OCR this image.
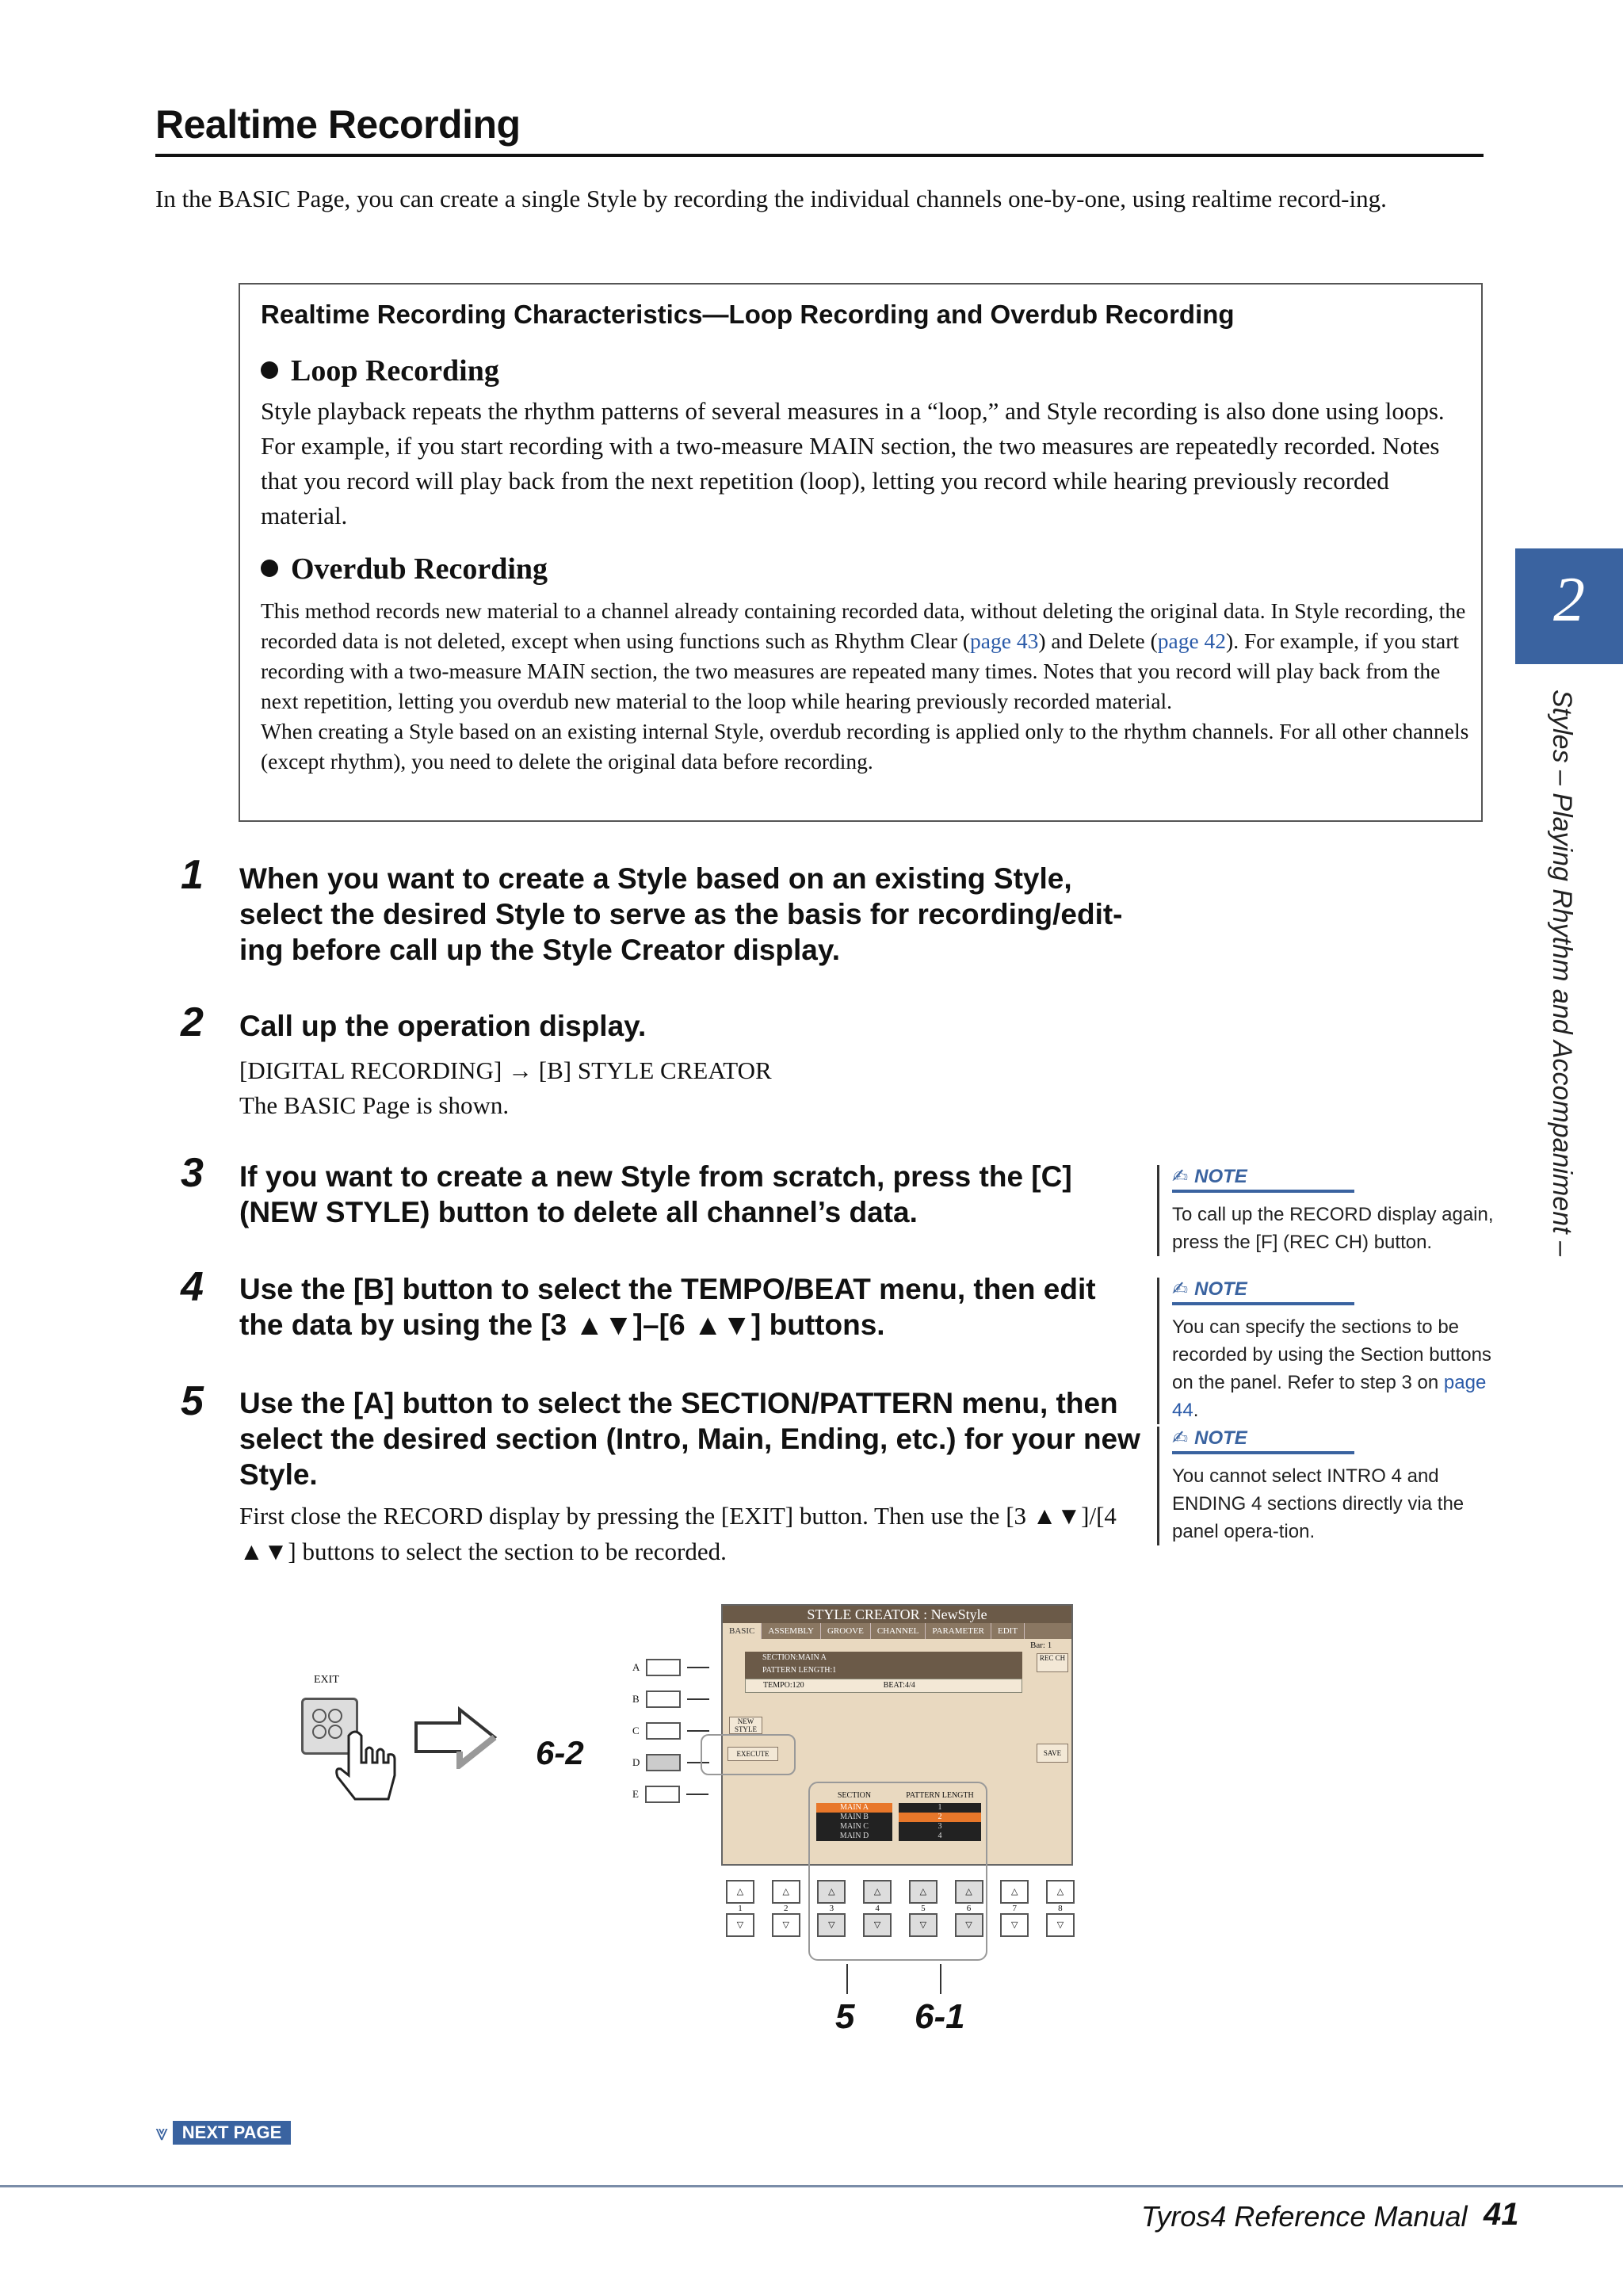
Realtime Recording
In the BASIC Page, you can create a single Style by recording the individual channels one-by-one, using realtime record-ing.
Realtime Recording Characteristics—Loop Recording and Overdub Recording
Loop Recording
Style playback repeats the rhythm patterns of several measures in a “loop,” and Style recording is also done using loops. For example, if you start recording with a two-measure MAIN section, the two measures are repeatedly recorded. Notes that you record will play back from the next repetition (loop), letting you record while hearing previously recorded material.
Overdub Recording
This method records new material to a channel already containing recorded data, without deleting the original data. In Style recording, the recorded data is not deleted, except when using functions such as Rhythm Clear (page 43) and Delete (page 42). For example, if you start recording with a two-measure MAIN section, the two measures are repeated many times. Notes that you record will play back from the next repetition, letting you overdub new material to the loop while hearing previously recorded material.
When creating a Style based on an existing internal Style, overdub recording is applied only to the rhythm channels. For all other channels (except rhythm), you need to delete the original data before recording.
1 When you want to create a Style based on an existing Style, select the desired Style to serve as the basis for recording/edit-ing before call up the Style Creator display.
2 Call up the operation display.
[DIGITAL RECORDING] → [B] STYLE CREATOR
The BASIC Page is shown.
3 If you want to create a new Style from scratch, press the [C] (NEW STYLE) button to delete all channel’s data.
4 Use the [B] button to select the TEMPO/BEAT menu, then edit the data by using the [3 ▲▼]–[6 ▲▼] buttons.
5 Use the [A] button to select the SECTION/PATTERN menu, then select the desired section (Intro, Main, Ending, etc.) for your new Style.
First close the RECORD display by pressing the [EXIT] button. Then use the [3 ▲▼]/[4 ▲▼] buttons to select the section to be recorded.
✍ NOTE
To call up the RECORD display again, press the [F] (REC CH) button.
✍ NOTE
You can specify the sections to be recorded by using the Section buttons on the panel. Refer to step 3 on page 44.
✍ NOTE
You cannot select INTRO 4 and ENDING 4 sections directly via the panel opera-tion.
2
Styles – Playing Rhythm and Accompaniment –
EXIT
6-2
A
B
C
D
E
STYLE CREATOR : NewStyle
BASIC	ASSEMBLY	GROOVE	CHANNEL	PARAMETER	EDIT
Bar: 1
SECTION:MAIN A
PATTERN LENGTH:1
TEMPO:120	BEAT:4/4
NEW STYLE
EXECUTE
REC CH
SAVE
SECTION
MAIN A
MAIN B
MAIN C
MAIN D
PATTERN LENGTH
1
2
3
4
△
1
▽
△
2
▽
△
3
▽
△
4
▽
△
5
▽
△
6
▽
△
7
▽
△
8
▽
5 6-1
⩔ NEXT PAGE
Tyros4 Reference Manual 41
